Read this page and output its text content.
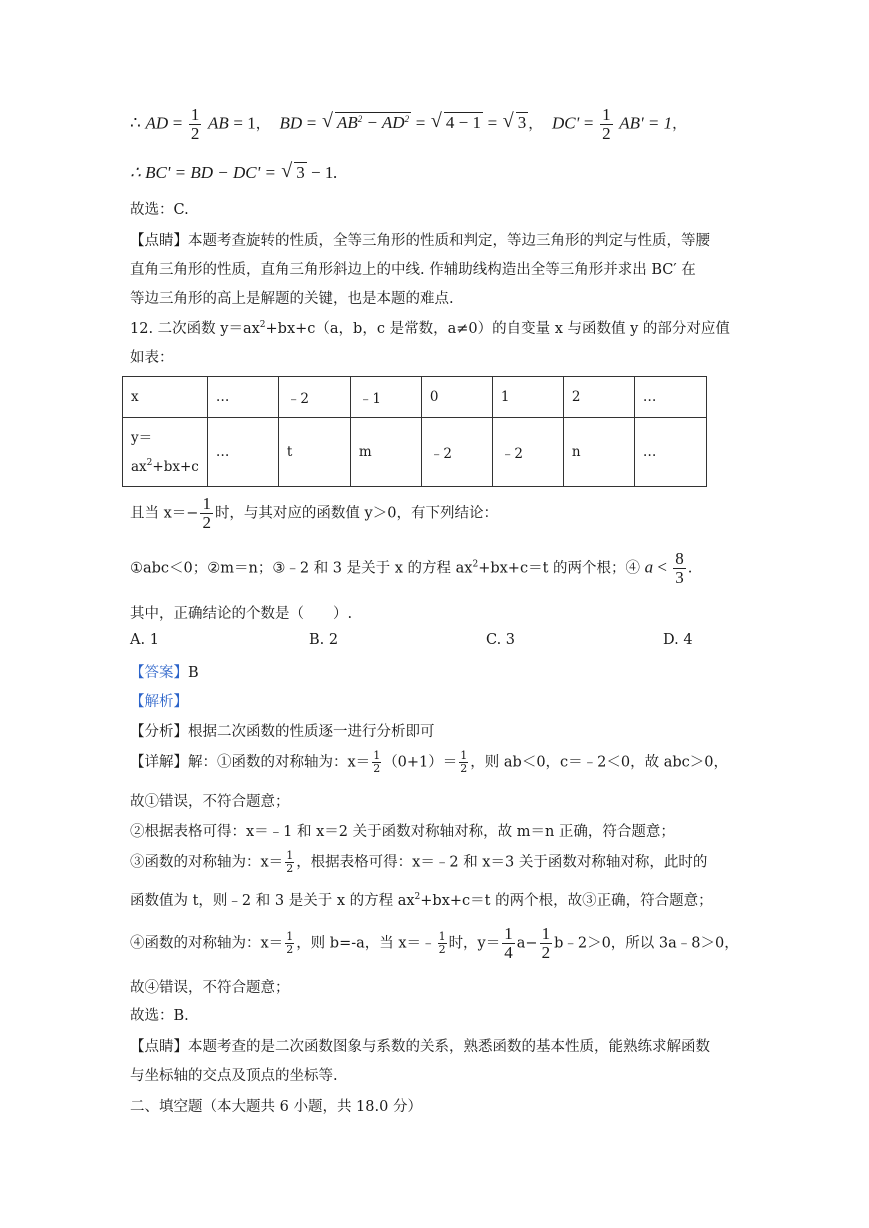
∴ AD = $\frac{1}{2}$ AB = 1， BD = √ $AB^2 - AD^2$ = √ 4 − 1 = √ 3 ， $DC' = \frac{1}{2} AB' = 1$，
∴ BC' = BD − DC' = √ 3 − 1.
故选：C.
【点睛】本题考查旋转的性质，全等三角形的性质和判定，等边三角形的判定与性质，等腰
直角三角形的性质，直角三角形斜边上的中线. 作辅助线构造出全等三角形并求出 BC′ 在
等边三角形的高上是解题的关键，也是本题的难点.
12. 二次函数 $y=ax^2+bx+c(a$，b，c 是常数，a≠0）的自变量 x 与函数值 y 的部分对应值
如表：
x	…	﹣2	﹣1	0	1	2	…

y＝
$ax^2+bx+c$	…	t	m	﹣2	﹣2	n	…
且当 $x=- \frac{1}{2}$ 时，与其对应的函数值 y＞0，有下列结论：
①abc＜0；②m＝n；③﹣2 和 3 是关于 x 的方程 $ax^2+bx+c=t$ 的两个根；④ $a < \frac{8}{3}$ .
其中，正确结论的个数是（　　）.
A. 1	B. 2	C. 3	D. 4
【答案】B
【解析】
【分析】根据二次函数的性质逐一进行分析即可
【详解】解：①函数的对称轴为：$x= \frac{1}{2} (0+1)= \frac{1}{2}$ ，则 ab＜0，c＝﹣2＜0，故 abc＞0，
故①错误，不符合题意；
②根据表格可得：x＝﹣1 和 x＝2 关于函数对称轴对称，故 m＝n 正确，符合题意；
③函数的对称轴为：$x= \frac{1}{2}$ ，根据表格可得：x＝﹣2 和 x＝3 关于函数对称轴对称，此时的
函数值为 t，则﹣2 和 3 是关于 x 的方程 $ax^2+bx+c=t$ 的两个根，故③正确，符合题意；
④函数的对称轴为：$x= \frac{1}{2}$ ，则 b=-a，当 x＝﹣ $\frac{1}{2}$ 时，$y= \frac{1}{4} a- \frac{1}{2}$ b﹣2＞0，所以 3a﹣8＞0，
故④错误，不符合题意；
故选：B.
【点睛】本题考查的是二次函数图象与系数的关系，熟悉函数的基本性质，能熟练求解函数
与坐标轴的交点及顶点的坐标等.
二、填空题（本大题共 6 小题，共 18.0 分）
